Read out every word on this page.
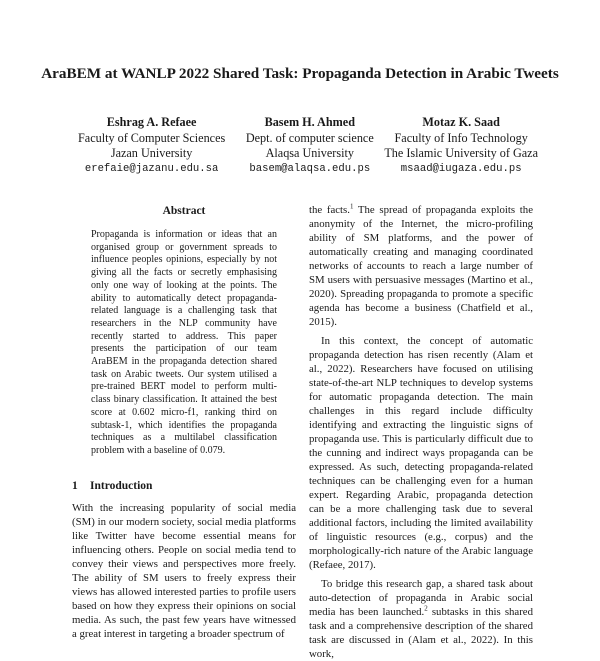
AraBEM at WANLP 2022 Shared Task: Propaganda Detection in Arabic Tweets
Eshrag A. Refaee
Faculty of Computer Sciences
Jazan University
erefaie@jazanu.edu.sa
Basem H. Ahmed
Dept. of computer science
Alaqsa University
basem@alaqsa.edu.ps
Motaz K. Saad
Faculty of Info Technology
The Islamic University of Gaza
msaad@iugaza.edu.ps
Abstract
Propaganda is information or ideas that an organised group or government spreads to influence peoples opinions, especially by not giving all the facts or secretly emphasising only one way of looking at the points. The ability to automatically detect propaganda-related language is a challenging task that researchers in the NLP community have recently started to address. This paper presents the participation of our team AraBEM in the propaganda detection shared task on Arabic tweets. Our system utilised a pre-trained BERT model to perform multi-class binary classification. It attained the best score at 0.602 micro-f1, ranking third on subtask-1, which identifies the propaganda techniques as a multilabel classification problem with a baseline of 0.079.
1 Introduction
With the increasing popularity of social media (SM) in our modern society, social media platforms like Twitter have become essential means for influencing others. People on social media tend to convey their views and perspectives more freely. The ability of SM users to freely express their views has allowed interested parties to profile users based on how they express their opinions on social media. As such, the past few years have witnessed a great interest in targeting a broader spectrum of
the facts.$^1$ The spread of propaganda exploits the anonymity of the Internet, the micro-profiling ability of SM platforms, and the power of automatically creating and managing coordinated networks of accounts to reach a large number of SM users with persuasive messages (Martino et al., 2020). Spreading propaganda to promote a specific agenda has become a business (Chatfield et al., 2015).
In this context, the concept of automatic propaganda detection has risen recently (Alam et al., 2022). Researchers have focused on utilising state-of-the-art NLP techniques to develop systems for automatic propaganda detection. The main challenges in this regard include difficulty identifying and extracting the linguistic signs of propaganda use. This is particularly difficult due to the cunning and indirect ways propaganda can be expressed. As such, detecting propaganda-related techniques can be challenging even for a human expert. Regarding Arabic, propaganda detection can be a more challenging task due to several additional factors, including the limited availability of linguistic resources (e.g., corpus) and the morphologically-rich nature of the Arabic language (Refaee, 2017).
To bridge this research gap, a shared task about auto-detection of propaganda in Arabic social media has been launched.$^2$ subtasks in this shared task and a comprehensive description of the shared task are discussed in (Alam et al., 2022). In this work,
